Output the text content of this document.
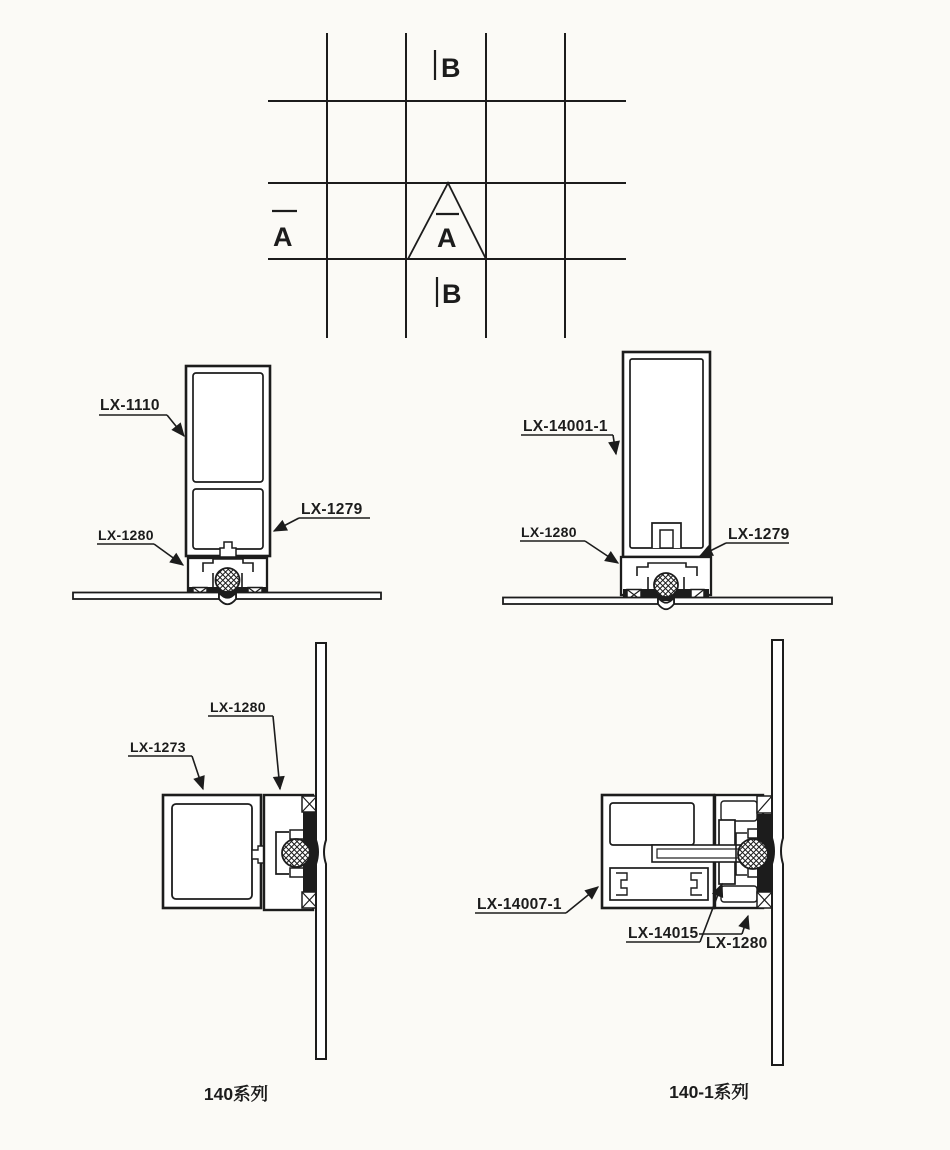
B
A	A
B
LX-1110
LX-1279
LX-1280
LX-14001-1
LX-1280	LX-1279
LX-1280
LX-1273
LX-14007-1
LX-14015
LX-1280
140系列	140-1系列
